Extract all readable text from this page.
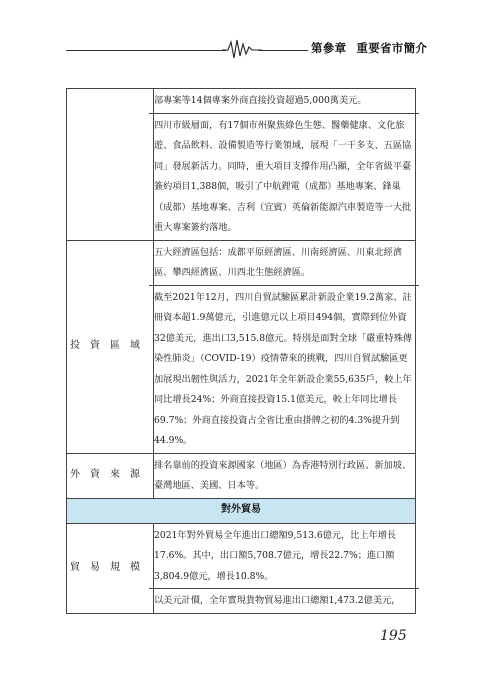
第參章 重要省市簡介

	部專案等14個專案外商直接投資超過5,000萬美元。
四川市級層面，有17個市州聚焦綠色生態、醫藥健康、文化旅遊、食品飲料、設備製造等行業領域，展現「一干多支、五區協同」發展新活力。同時，重大項目支撐作用凸顯，全年省級平臺簽約項目1,388個，吸引了中航鋰電（成都）基地專案、鋒巢（成都）基地專案、吉利（宜賓）英倫新能源汽車製造等一大批重大專案簽約落地。

投資區域	五大經濟區包括：成都平原經濟區、川南經濟區、川東北經濟區、攀西經濟區、川西北生態經濟區。
截至2021年12月，四川自貿試驗區累計新設企業19.2萬家、註冊資本超1.9萬億元，引進億元以上項目494個，實際到位外資32億美元，進出口3,515.8億元。特別是面對全球「嚴重特殊傳染性肺炎」（COVID-19）疫情帶來的挑戰，四川自貿試驗區更加展現出韌性與活力，2021年全年新設企業55,635戶，較上年同比增長24%；外商直接投資15.1億美元，較上年同比增長69.7%；外商直接投資占全省比重由掛牌之初的4.3%提升到44.9%。

外資來源	排名靠前的投資來源國家（地區）為香港特別行政區、新加坡、臺灣地區、美國、日本等。

對外貿易	
貿易規模	2021年對外貿易全年進出口總額9,513.6億元，比上年增長17.6%。其中，出口額5,708.7億元，增長22.7%；進口額3,804.9億元，增長10.8%。
以美元計價，全年實現貨物貿易進出口總額1,473.2億美元，
195
